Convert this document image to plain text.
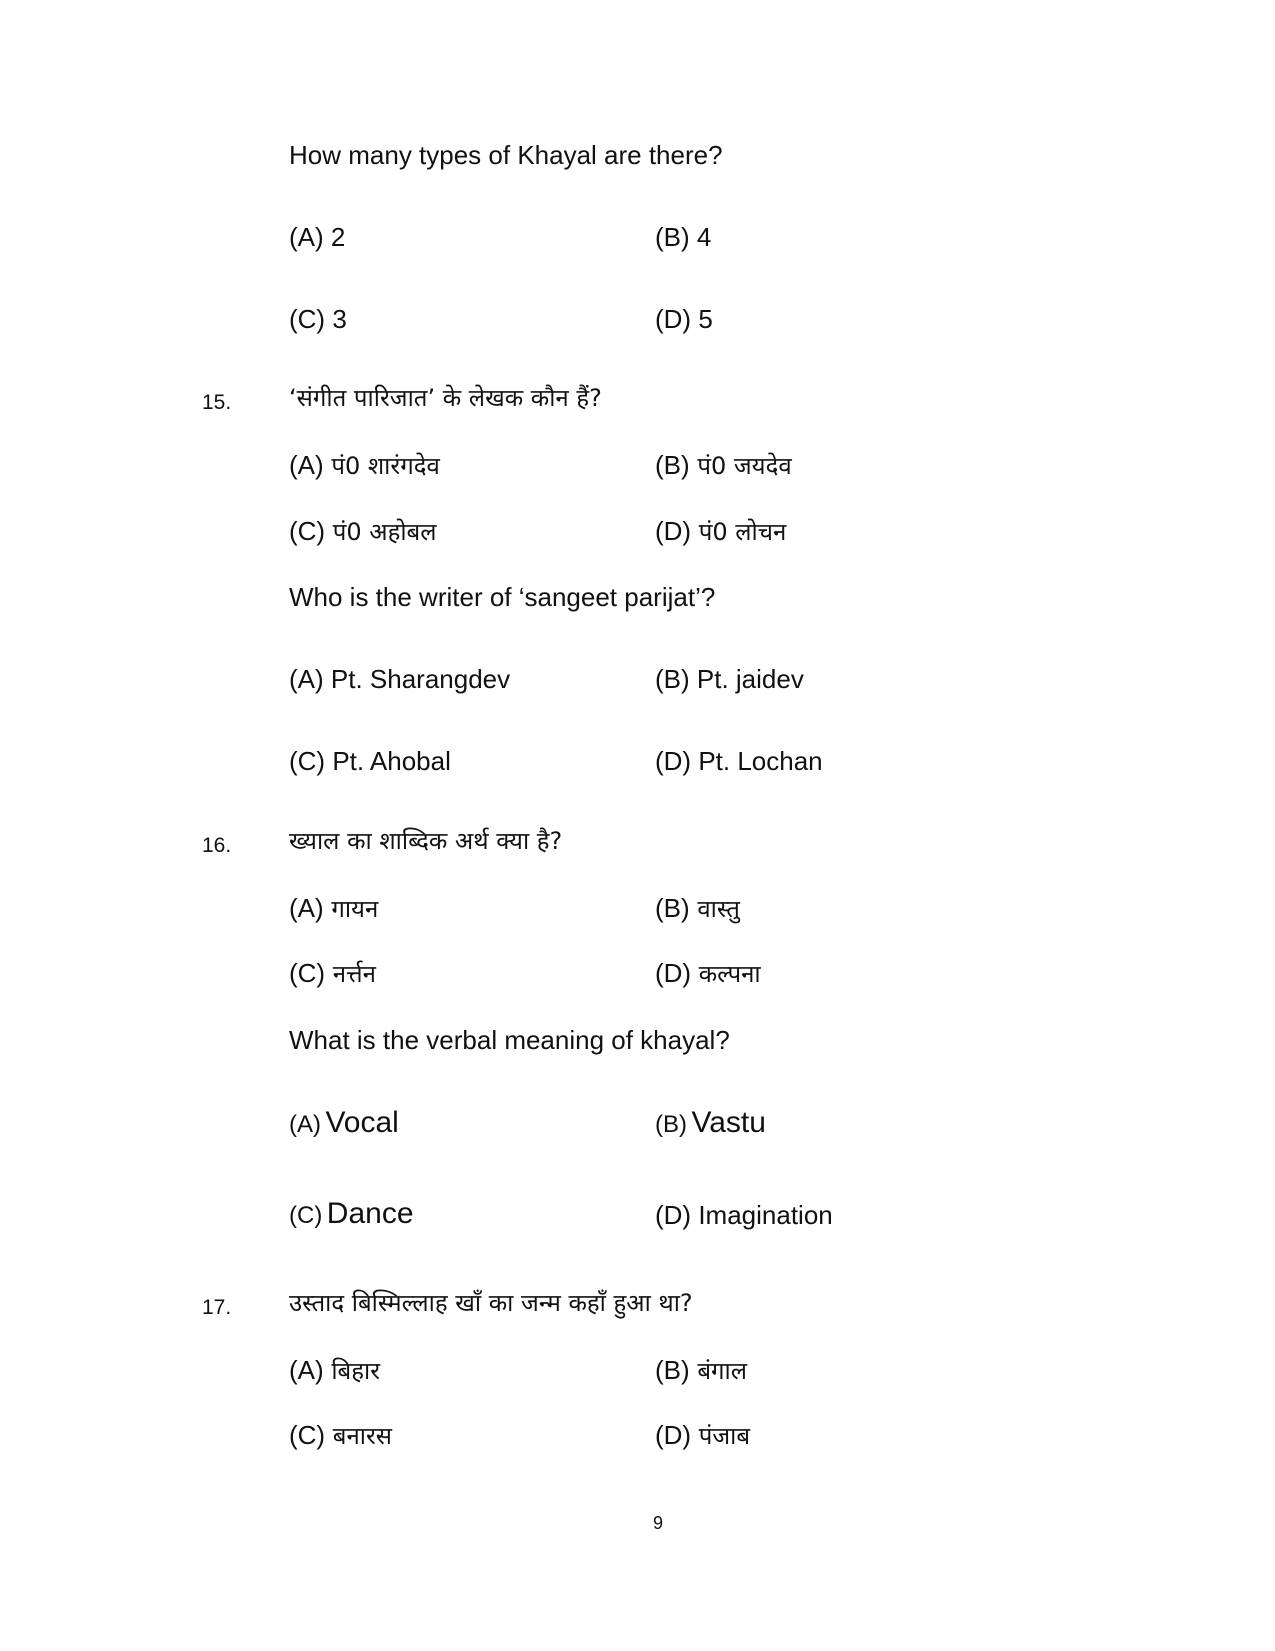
How many types of Khayal are there?
(A) 2	(B) 4
(C) 3	(D) 5
15. ‘संगीत पारिजात’ के लेखक कौन हैं?
(A) पं0 शारंगदेव	(B) पं0 जयदेव
(C) पं0 अहोबल	(D) पं0 लोचन
Who is the writer of ‘sangeet parijat’?
(A) Pt. Sharangdev	(B) Pt. jaidev
(C) Pt. Ahobal	(D) Pt. Lochan
16. ख्याल का शाब्दिक अर्थ क्या है?
(A) गायन	(B) वास्तु
(C) नर्त्तन	(D) कल्पना
What is the verbal meaning of khayal?
(A) Vocal	(B) Vastu
(C) Dance	(D) Imagination
17. उस्ताद बिस्मिल्लाह खाँ का जन्म कहाँ हुआ था?
(A) बिहार	(B) बंगाल
(C) बनारस	(D) पंजाब
9
